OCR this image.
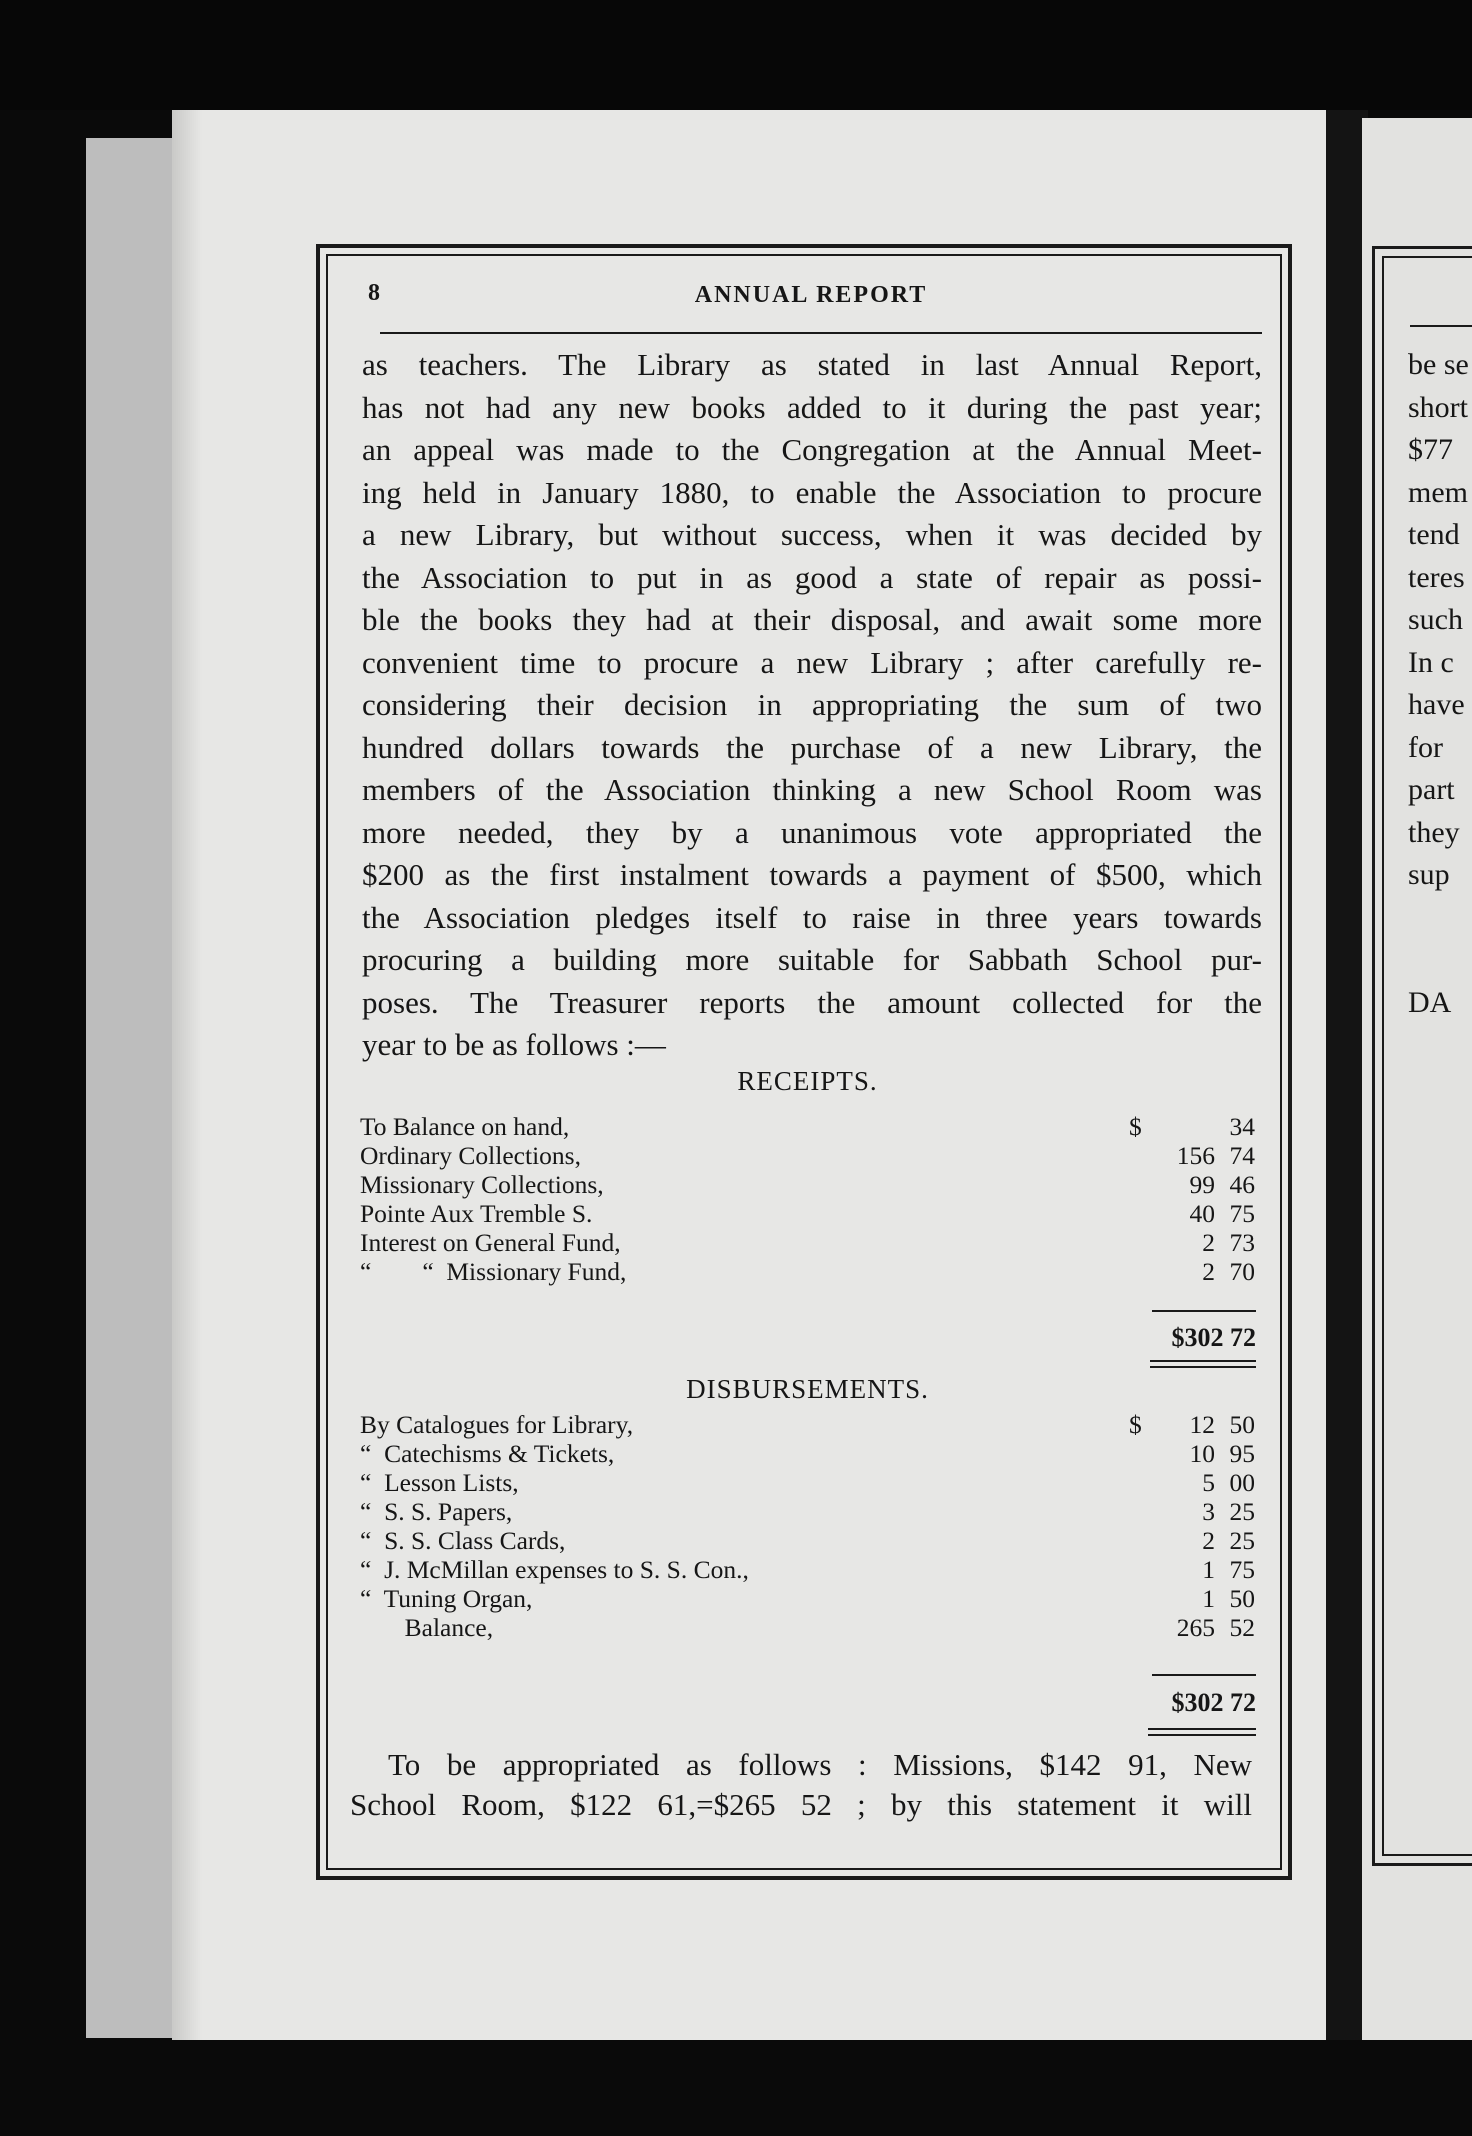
8	ANNUAL REPORT
as teachers. The Library as stated in last Annual Report,
has not had any new books added to it during the past year;
an appeal was made to the Congregation at the Annual Meet-
ing held in January 1880, to enable the Association to procure
a new Library, but without success, when it was decided by
the Association to put in as good a state of repair as possi-
ble the books they had at their disposal, and await some more
convenient time to procure a new Library ; after carefully re-
considering their decision in appropriating the sum of two
hundred dollars towards the purchase of a new Library, the
members of the Association thinking a new School Room was
more needed, they by a unanimous vote appropriated the
$200 as the first instalment towards a payment of $500, which
the Association pledges itself to raise in three years towards
procuring a building more suitable for Sabbath School pur-
poses. The Treasurer reports the amount collected for the
year to be as follows :—
RECEIPTS.
To Balance on hand,	$	34
Ordinary Collections,	156 74
Missionary Collections,	99 46
Pointe Aux Tremble S.	40 75
Interest on General Fund,	2 73
“        “  Missionary Fund,	2 70
$302 72
DISBURSEMENTS.
By Catalogues for Library,	$ 12 50
“  Catechisms & Tickets,	10 95
“  Lesson Lists,	5 00
“  S. S. Papers,	3 25
“  S. S. Class Cards,	2 25
“  J. McMillan expenses to S. S. Con.,	1 75
“  Tuning Organ,	1 50
Balance,	265 52
$302 72
To be appropriated as follows : Missions, $142 91, New
School Room, $122 61,=$265 52 ; by this statement it will
be se
short
$77
mem
tend
teres
such
In c
have
for
part
they
sup

DA
